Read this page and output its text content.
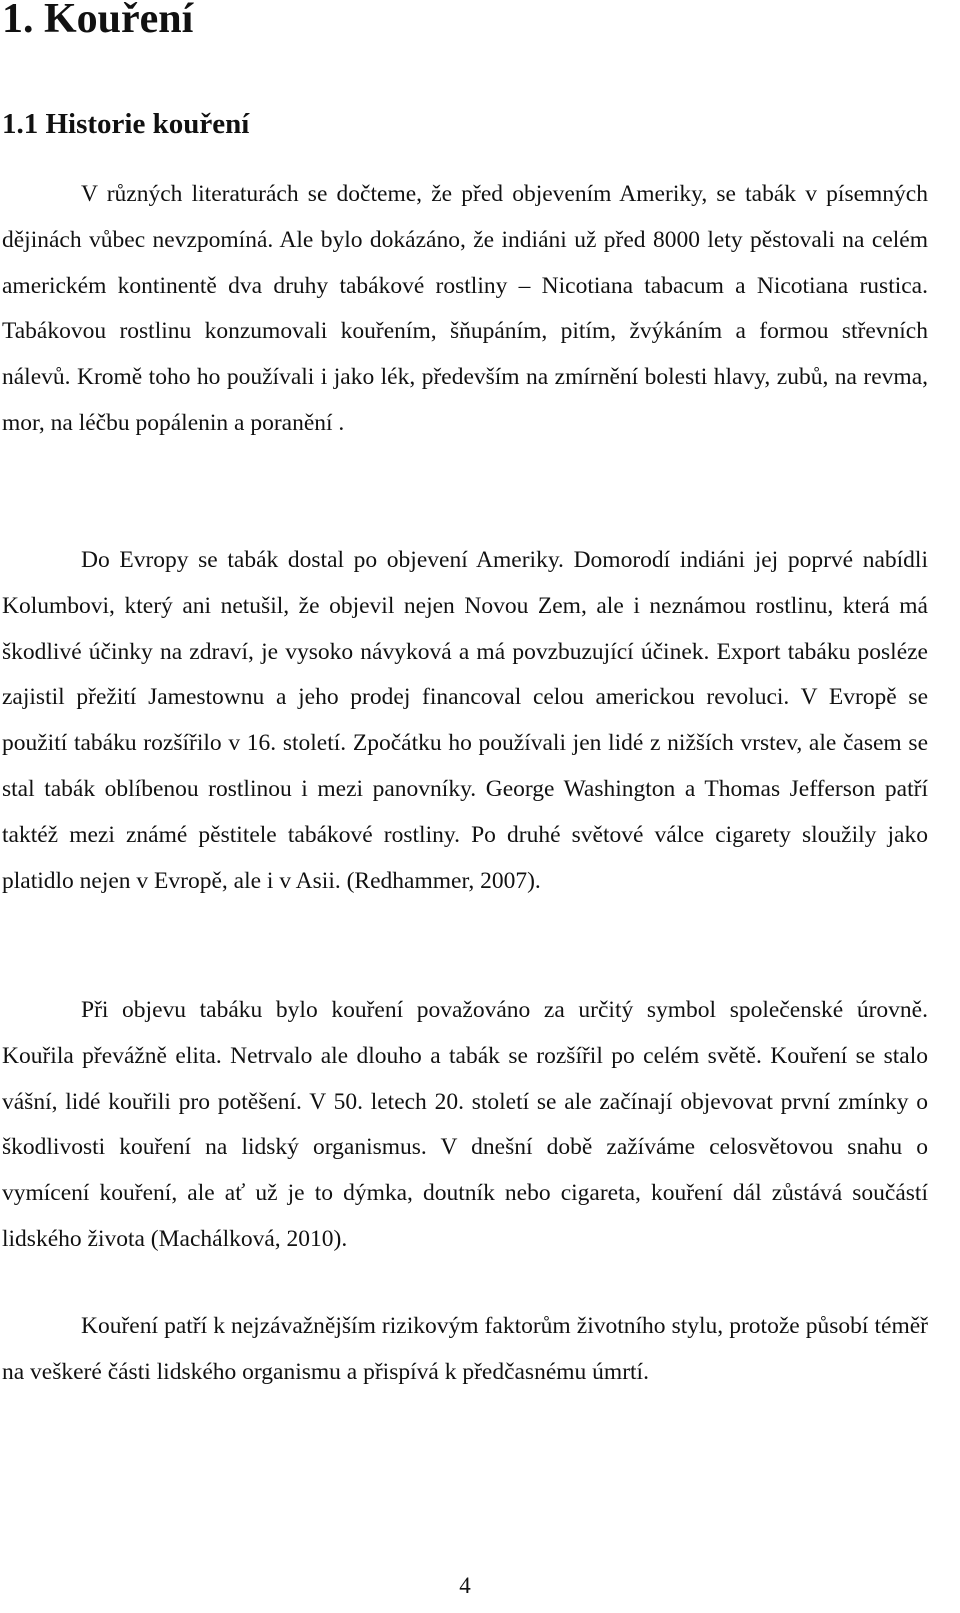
1. Kouření
1.1 Historie kouření

V různých literaturách se dočteme, že před objevením Ameriky, se tabák v písemných dějinách vůbec nevzpomíná. Ale bylo dokázáno, že indiáni už před 8000 lety pěstovali na celém americkém kontinentě dva druhy tabákové rostliny – Nicotiana tabacum a Nicotiana rustica. Tabákovou rostlinu konzumovali kouřením, šňupáním, pitím, žvýkáním a formou střevních nálevů. Kromě toho ho používali i jako lék, především na zmírnění bolesti hlavy, zubů, na revma, mor, na léčbu popálenin a poranění .

Do Evropy se tabák dostal po objevení Ameriky. Domorodí indiáni jej poprvé nabídli Kolumbovi, který ani netušil, že objevil nejen Novou Zem, ale i neznámou rostlinu, která má škodlivé účinky na zdraví, je vysoko návyková a má povzbuzující účinek. Export tabáku posléze zajistil přežití Jamestownu a jeho prodej financoval celou americkou revoluci. V Evropě se použití tabáku rozšířilo v 16. století. Zpočátku ho používali jen lidé z nižších vrstev, ale časem se stal tabák oblíbenou rostlinou i mezi panovníky. George Washington a Thomas Jefferson patří taktéž mezi známé pěstitele tabákové rostliny. Po druhé světové válce cigarety sloužily jako platidlo nejen v Evropě, ale i v Asii. (Redhammer, 2007).

Při objevu tabáku bylo kouření považováno za určitý symbol společenské úrovně. Kouřila převážně elita. Netrvalo ale dlouho a tabák se rozšířil po celém světě. Kouření se stalo vášní, lidé kouřili pro potěšení. V 50. letech 20. století se ale začínají objevovat první zmínky o škodlivosti kouření na lidský organismus. V dnešní době zažíváme celosvětovou snahu o vymícení kouření, ale ať už je to dýmka, doutník nebo cigareta, kouření dál zůstává součástí lidského života (Machálková, 2010).

Kouření patří k nejzávažnějším rizikovým faktorům životního stylu, protože působí téměř na veškeré části lidského organismu a přispívá k předčasnému úmrtí.

4
